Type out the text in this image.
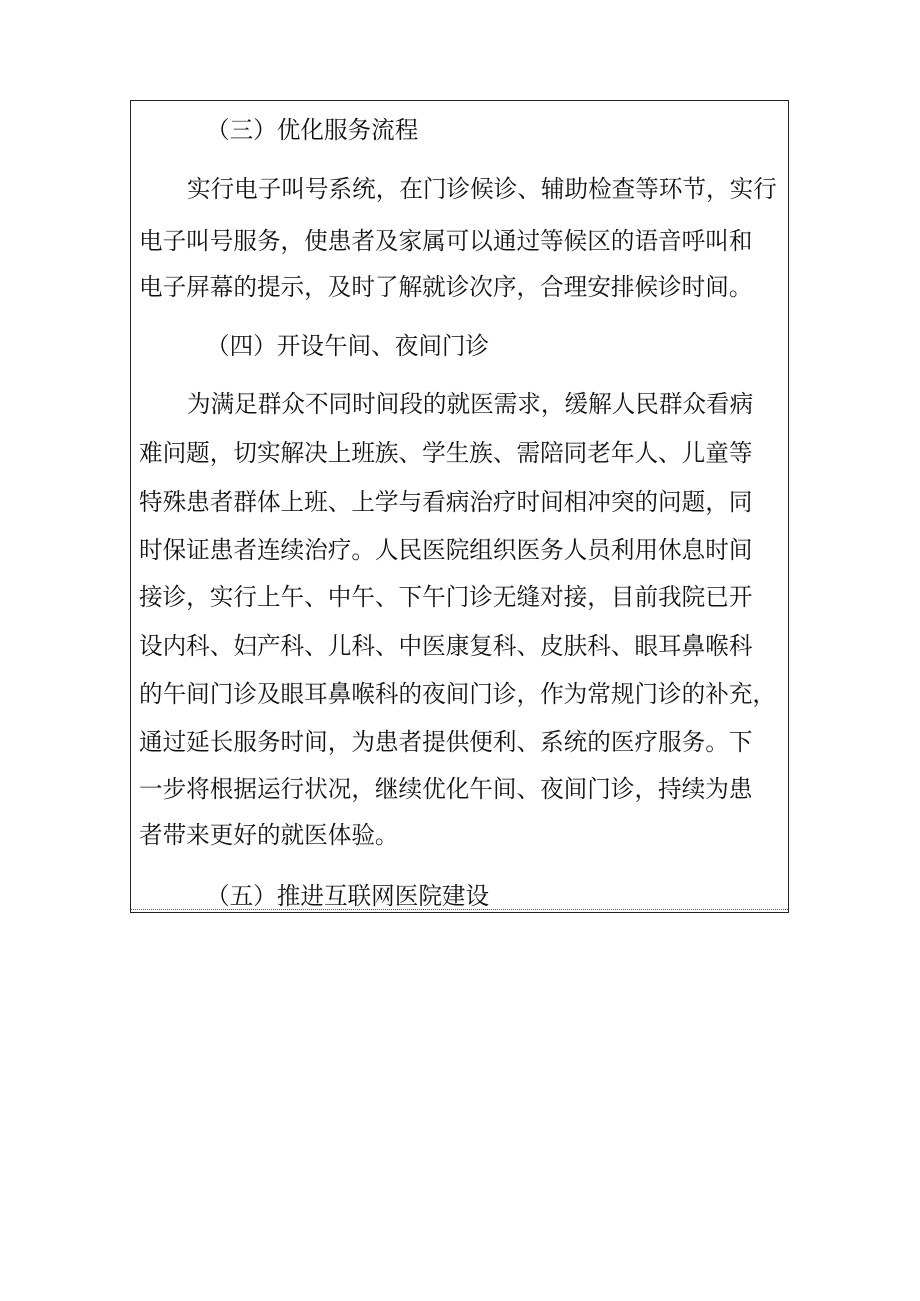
（三）优化服务流程
实行电子叫号系统，在门诊候诊、辅助检查等环节，实行
电子叫号服务，使患者及家属可以通过等候区的语音呼叫和
电子屏幕的提示，及时了解就诊次序，合理安排候诊时间。
（四）开设午间、夜间门诊
为满足群众不同时间段的就医需求，缓解人民群众看病
难问题，切实解决上班族、学生族、需陪同老年人、儿童等
特殊患者群体上班、上学与看病治疗时间相冲突的问题，同
时保证患者连续治疗。人民医院组织医务人员利用休息时间
接诊，实行上午、中午、下午门诊无缝对接，目前我院已开
设内科、妇产科、儿科、中医康复科、皮肤科、眼耳鼻喉科
的午间门诊及眼耳鼻喉科的夜间门诊，作为常规门诊的补充，
通过延长服务时间，为患者提供便利、系统的医疗服务。下
一步将根据运行状况，继续优化午间、夜间门诊，持续为患
者带来更好的就医体验。
（五）推进互联网医院建设
